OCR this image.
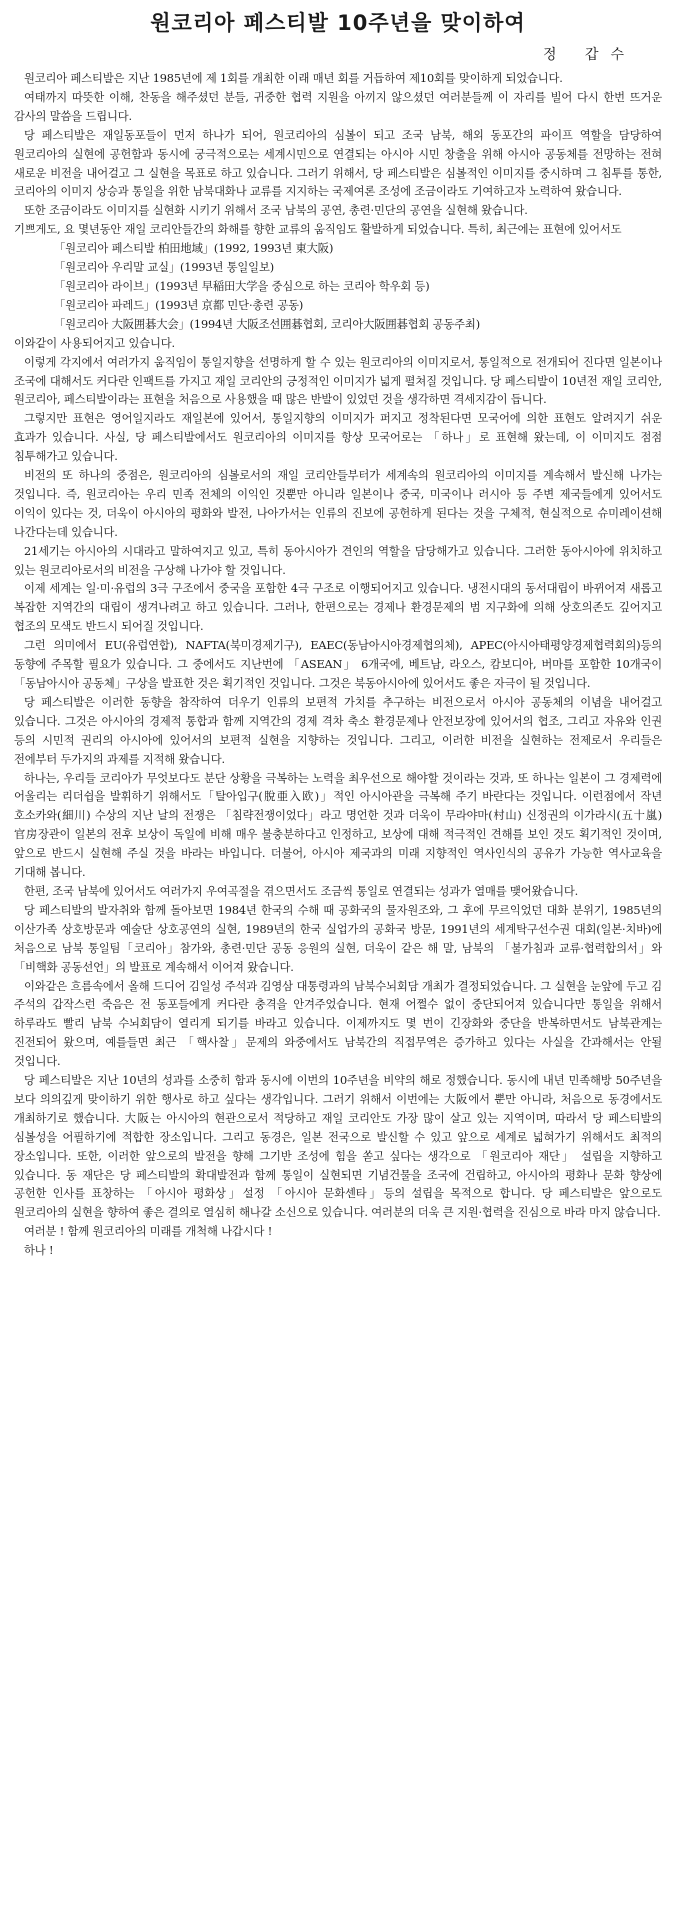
원코리아 페스티발 10주년을 맞이하여
정 갑수

원코리아 페스티발은 지난 1985년에 제 1회를 개최한 이래 매년 회를 거듭하여 제10회를 맞이하게 되었습니다.

여태까지 따뜻한 이해, 찬동을 해주셨던 분들, 귀중한 협력 지원을 아끼지 않으셨던 여러분들께 이 자리를 빌어 다시 한번 뜨거운 감사의 말씀을 드립니다.

당 페스티발은 재일동포들이 먼저 하나가 되어, 원코리아의 심볼이 되고 조국 남북, 해외 동포간의 파이프 역할을 담당하여 원코리아의 실현에 공헌함과 동시에 궁극적으로는 세계시민으로 연결되는 아시아 시민 창출을 위해 아시아 공동체를 전망하는 전혀 새로운 비전을 내어걸고 그 실현을 목표로 하고 있습니다. 그러기 위해서, 당 페스티발은 심볼적인 이미지를 중시하며 그 침투를 통한, 코리아의 이미지 상승과 통일을 위한 남북대화나 교류를 지지하는 국제여론 조성에 조금이라도 기여하고자 노력하여 왔습니다.

또한 조금이라도 이미지를 실현화 시키기 위해서 조국 남북의 공연, 총련·민단의 공연을 실현해 왔습니다.

기쁘게도, 요 몇년동안 재일 코리안들간의 화해를 향한 교류의 움직임도 활발하게 되었습니다. 특히, 최근에는 표현에 있어서도

「원코리아 페스티발 柏田地域」(1992, 1993년 東大阪)
「원코리아 우리말 교실」(1993년 통일일보)
「원코리아 라이브」(1993년 早稲田大学을 중심으로 하는 코리아 학우회 등)
「원코리아 파레드」(1993년 京都 민단·총련 공동)
「원코리아 大阪囲碁大会」(1994년 大阪조선囲碁협회, 코리아大阪囲碁협회 공동주최)

이와같이 사용되어지고 있습니다.

이렇게 각지에서 여러가지 움직임이 통일지향을 선명하게 할 수 있는 원코리아의 이미지로서, 통일적으로 전개되어 진다면 일본이나 조국에 대해서도 커다란 인팩트를 가지고 재일 코리안의 긍정적인 이미지가 넓게 펼쳐질 것입니다. 당 페스티발이 10년전 재일 코리안, 원코리아, 페스티발이라는 표현을 처음으로 사용했을 때 많은 반발이 있었던 것을 생각하면 격세지감이 듭니다.

그렇지만 표현은 영어일지라도 재일본에 있어서, 통일지향의 이미지가 퍼지고 정착된다면 모국어에 의한 표현도 알려지기 쉬운 효과가 있습니다. 사실, 당 페스티발에서도 원코리아의 이미지를 항상 모국어로는 「하나」로 표현해 왔는데, 이 이미지도 점점 침투해가고 있습니다.

비전의 또 하나의 중점은, 원코리아의 심볼로서의 재일 코리안들부터가 세계속의 원코리아의 이미지를 계속해서 발신해 나가는 것입니다. 즉, 원코리아는 우리 민족 전체의 이익인 것뿐만 아니라 일본이나 중국, 미국이나 러시아 등 주변 제국들에게 있어서도 이익이 있다는 것, 더욱이 아시아의 평화와 발전, 나아가서는 인류의 진보에 공헌하게 된다는 것을 구체적, 현실적으로 슈미레이션해 나간다는데 있습니다.

21세기는 아시아의 시대라고 말하여지고 있고, 특히 동아시아가 견인의 역할을 담당해가고 있습니다. 그러한 동아시아에 위치하고 있는 원코리아로서의 비전을 구상해 나가야 할 것입니다.

이제 세계는 일·미·유럽의 3극 구조에서 중국을 포함한 4극 구조로 이행되어지고 있습니다. 냉전시대의 동서대립이 바뀌어져 새롭고 복잡한 지역간의 대립이 생겨나려고 하고 있습니다. 그러나, 한편으로는 경제나 환경문제의 범 지구화에 의해 상호의존도 깊어지고 협조의 모색도 반드시 되어질 것입니다.

그런 의미에서 EU(유럽연합), NAFTA(북미경제기구), EAEC(동남아시아경제협의체), APEC(아시아태평양경제협력회의)등의 동향에 주목할 필요가 있습니다. 그 중에서도 지난번에 「ASEAN」 6개국에, 베트남, 라오스, 캄보디아, 버마를 포함한 10개국이 「동남아시아 공동체」구상을 발표한 것은 획기적인 것입니다. 그것은 북동아시아에 있어서도 좋은 자극이 될 것입니다.

당 페스티발은 이러한 동향을 참작하여 더우기 인류의 보편적 가치를 추구하는 비전으로서 아시아 공동체의 이념을 내어걸고 있습니다. 그것은 아시아의 경제적 통합과 함께 지역간의 경제 격차 축소 환경문제나 안전보장에 있어서의 협조, 그리고 자유와 인권 등의 시민적 권리의 아시아에 있어서의 보편적 실현을 지향하는 것입니다. 그리고, 이러한 비전을 실현하는 전제로서 우리들은 전에부터 두가지의 과제를 지적해 왔습니다.

하나는, 우리들 코리아가 무엇보다도 분단 상황을 극복하는 노력을 최우선으로 해야할 것이라는 것과, 또 하나는 일본이 그 경제력에 어울리는 리더쉽을 발휘하기 위해서도「탈아입구(脫亜入欧)」적인 아시아관을 극복해 주기 바란다는 것입니다. 이런점에서 작년 호소카와(細川) 수상의 지난 날의 전쟁은 「침략전쟁이었다」라고 명언한 것과 더욱이 무라야마(村山) 신정권의 이가라시(五十嵐)官房장관이 일본의 전후 보상이 독일에 비해 매우 불충분하다고 인정하고, 보상에 대해 적극적인 견해를 보인 것도 획기적인 것이며, 앞으로 반드시 실현해 주실 것을 바라는 바입니다. 더불어, 아시아 제국과의 미래 지향적인 역사인식의 공유가 가능한 역사교육을 기대해 봅니다.

한편, 조국 남북에 있어서도 여러가지 우여곡절을 겪으면서도 조금씩 통일로 연결되는 성과가 열매를 맺어왔습니다.

당 페스티발의 발자취와 함께 돌아보면 1984년 한국의 수해 때 공화국의 물자원조와, 그 후에 무르익었던 대화 분위기, 1985년의 이산가족 상호방문과 예술단 상호공연의 실현, 1989년의 한국 실업가의 공화국 방문, 1991년의 세계탁구선수권 대회(일본·치바)에 처음으로 남북 통일팀「코리아」참가와, 총련·민단 공동 응원의 실현, 더욱이 같은 해 말, 남북의 「불가침과 교류·협력합의서」와 「비핵화 공동선언」의 발표로 계속해서 이어져 왔습니다.

이와같은 흐름속에서 올해 드디어 김일성 주석과 김영삼 대통령과의 남북수뇌회담 개최가 결정되었습니다. 그 실현을 눈앞에 두고 김 주석의 갑작스런 죽음은 전 동포들에게 커다란 충격을 안겨주었습니다. 현재 어쩔수 없이 중단되어져 있습니다만 통일을 위해서 하루라도 빨리 남북 수뇌회담이 열리게 되기를 바라고 있습니다. 이제까지도 몇 번이 긴장화와 중단을 반복하면서도 남북관계는 진전되어 왔으며, 예를들면 최근 「핵사찰」문제의 와중에서도 남북간의 직접무역은 증가하고 있다는 사실을 간과해서는 안될 것입니다.

당 페스티발은 지난 10년의 성과를 소중히 함과 동시에 이번의 10주년을 비약의 해로 정했습니다. 동시에 내년 민족해방 50주년을 보다 의의깊게 맞이하기 위한 행사로 하고 싶다는 생각입니다. 그러기 위해서 이번에는 大阪에서 뿐만 아니라, 처음으로 동경에서도 개최하기로 했습니다. 大阪는 아시아의 현관으로서 적당하고 재일 코리안도 가장 많이 살고 있는 지역이며, 따라서 당 페스티발의 심볼성을 어필하기에 적합한 장소입니다. 그리고 동경은, 일본 전국으로 발신할 수 있고 앞으로 세계로 넓혀가기 위해서도 최적의 장소입니다. 또한, 이러한 앞으로의 발전을 향해 그기반 조성에 힘을 쏟고 싶다는 생각으로 「원코리아 재단」 설립을 지향하고 있습니다. 동 재단은 당 페스티발의 확대발전과 함께 통일이 실현되면 기념건물을 조국에 건립하고, 아시아의 평화나 문화 향상에 공헌한 인사를 표창하는 「아시아 평화상」설정 「아시아 문화센타」등의 설립을 목적으로 합니다. 당 페스티발은 앞으로도 원코리아의 실현을 향하여 좋은 결의로 열심히 해나갈 소신으로 있습니다. 여러분의 더욱 큰 지원·협력을 진심으로 바라 마지 않습니다.

여러분 ! 함께 원코리아의 미래를 개척해 나갑시다 !

하나 !
